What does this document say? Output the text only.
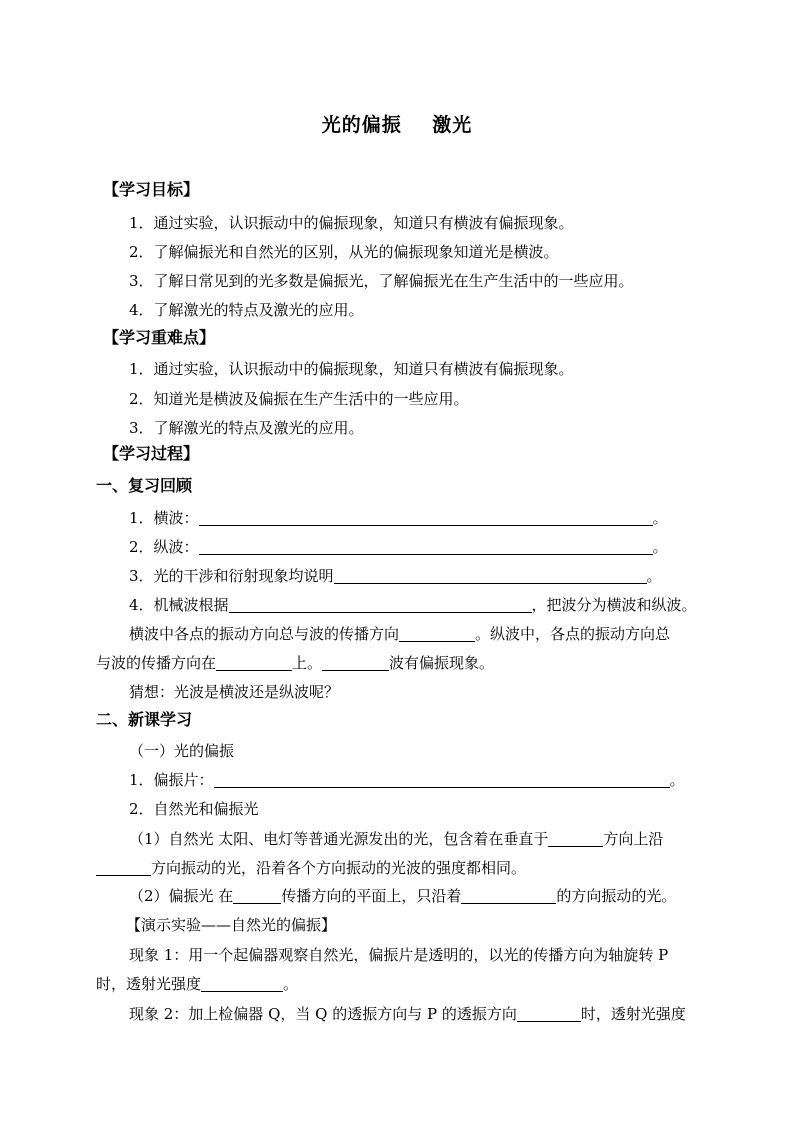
光的偏振    激光
【学习目标】
1．通过实验，认识振动中的偏振现象，知道只有横波有偏振现象。
2．了解偏振光和自然光的区别，从光的偏振现象知道光是横波。
3．了解日常见到的光多数是偏振光，了解偏振光在生产生活中的一些应用。
4．了解激光的特点及激光的应用。
【学习重难点】
1．通过实验，认识振动中的偏振现象，知道只有横波有偏振现象。
2．知道光是横波及偏振在生产生活中的一些应用。
3．了解激光的特点及激光的应用。
【学习过程】
一、复习回顾
1．横波：	。
2．纵波：	。
3．光的干涉和衍射现象均说明	。
4．机械波根据	，把波分为横波和纵波。
横波中各点的振动方向总与波的传播方向	。纵波中，各点的振动方向总
与波的传播方向在	上。	波有偏振现象。
猜想：光波是横波还是纵波呢？
二、新课学习
（一）光的偏振
1．偏振片：	。
2．自然光和偏振光
（1）自然光 太阳、电灯等普通光源发出的光，包含着在垂直于	方向上沿
方向振动的光，沿着各个方向振动的光波的强度都相同。
（2）偏振光 在	传播方向的平面上，只沿着	的方向振动的光。
【演示实验——自然光的偏振】
现象 1：用一个起偏器观察自然光，偏振片是透明的，以光的传播方向为轴旋转 P
时，透射光强度	。
现象 2：加上检偏器 Q，当 Q 的透振方向与 P 的透振方向	时，透射光强度
